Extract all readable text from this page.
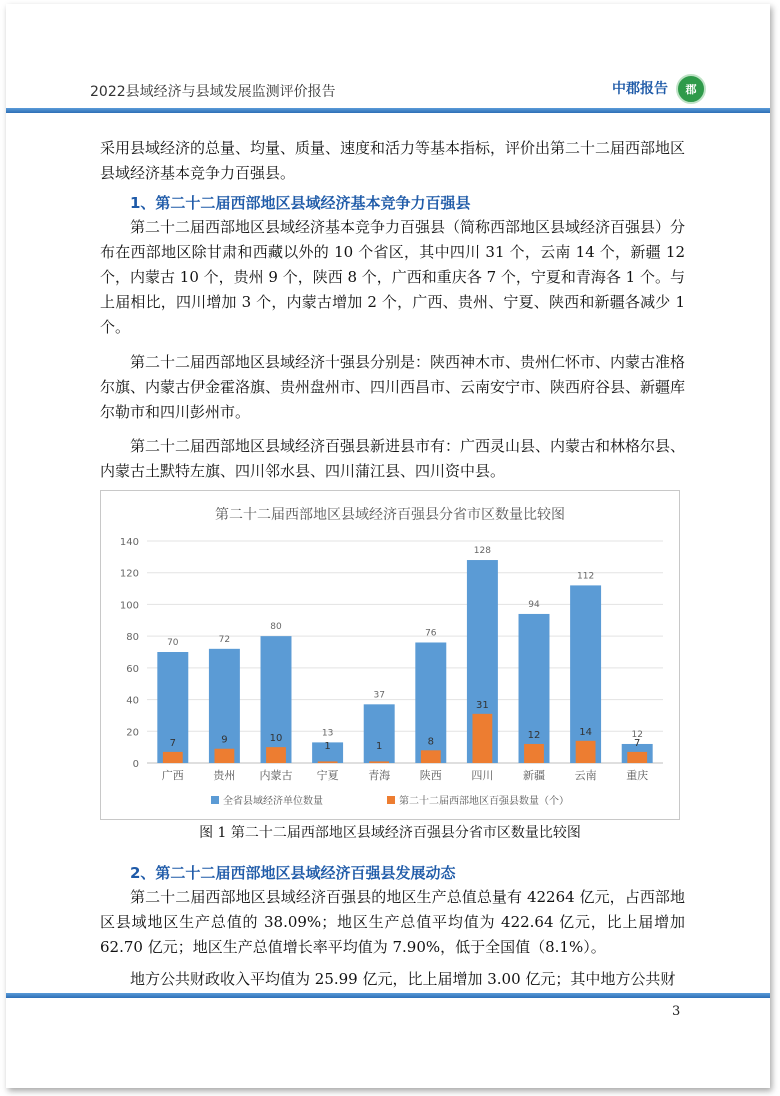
2022县域经济与县域发展监测评价报告	中郡报告 郡
采用县域经济的总量、均量、质量、速度和活力等基本指标，评价出第二十二届西部地区县域经济基本竞争力百强县。
1、第二十二届西部地区县域经济基本竞争力百强县
第二十二届西部地区县域经济基本竞争力百强县（简称西部地区县域经济百强县）分布在西部地区除甘肃和西藏以外的 10 个省区，其中四川 31 个，云南 14 个，新疆 12 个，内蒙古 10 个，贵州 9 个，陕西 8 个，广西和重庆各 7 个，宁夏和青海各 1 个。与上届相比，四川增加 3 个，内蒙古增加 2 个，广西、贵州、宁夏、陕西和新疆各减少 1 个。
第二十二届西部地区县域经济十强县分别是：陕西神木市、贵州仁怀市、内蒙古准格尔旗、内蒙古伊金霍洛旗、贵州盘州市、四川西昌市、云南安宁市、陕西府谷县、新疆库尔勒市和四川彭州市。
第二十二届西部地区县域经济百强县新进县市有：广西灵山县、内蒙古和林格尔县、内蒙古土默特左旗、四川邻水县、四川蒲江县、四川资中县。
第二十二届西部地区县域经济百强县分省市区数量比较图
0
20
40
60
80
100
120
140
70
7
广西
72
9
贵州
80
10
内蒙古
13
1
宁夏
37
1
青海
76
8
陕西
128
31
四川
94
12
新疆
112
14
云南
12
7
重庆
全省县域经济单位数量	第二十二届西部地区百强县数量（个）
图 1 第二十二届西部地区县域经济百强县分省市区数量比较图
2、第二十二届西部地区县域经济百强县发展动态
第二十二届西部地区县域经济百强县的地区生产总值总量有 42264 亿元，占西部地区县域地区生产总值的 38.09%；地区生产总值平均值为 422.64 亿元，比上届增加 62.70 亿元；地区生产总值增长率平均值为 7.90%，低于全国值（8.1%）。
地方公共财政收入平均值为 25.99 亿元，比上届增加 3.00 亿元；其中地方公共财
3
